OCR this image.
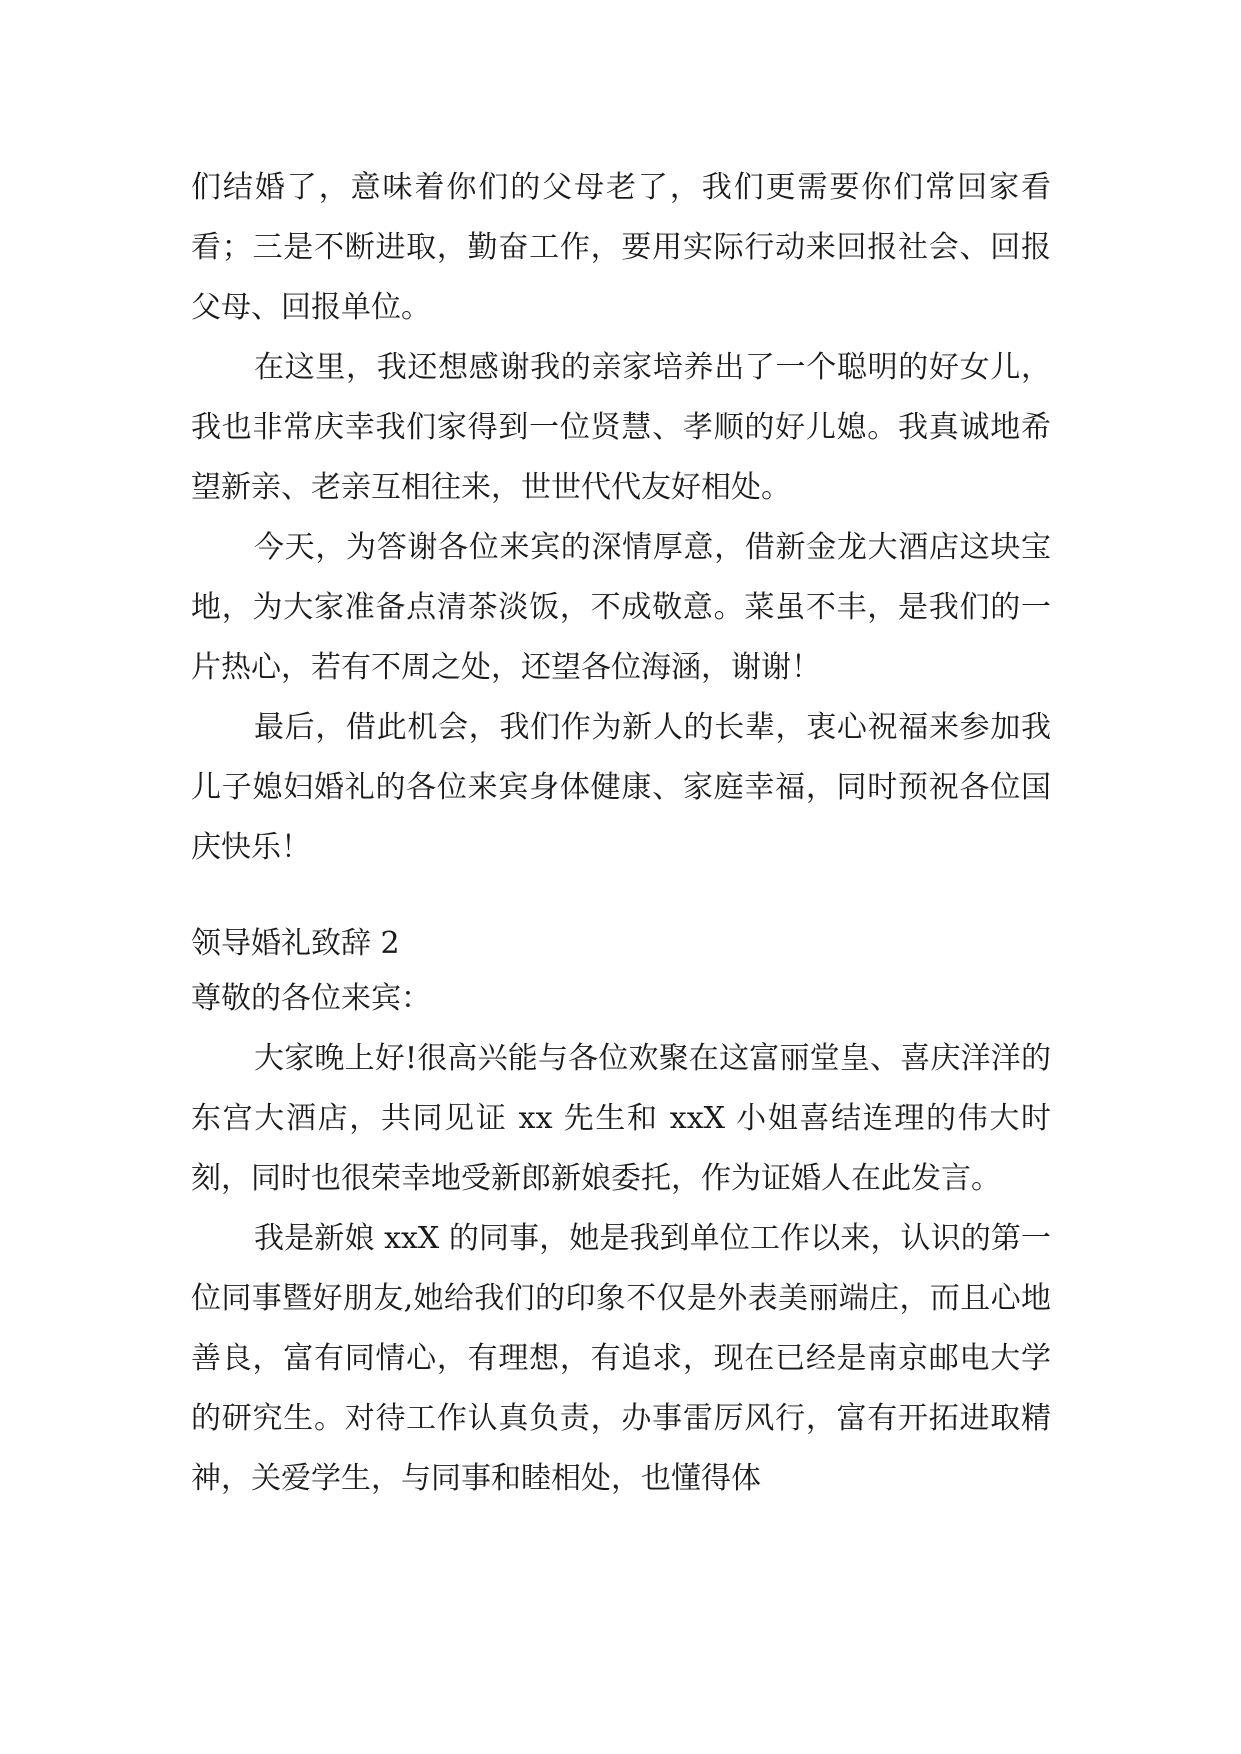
们结婚了，意味着你们的父母老了，我们更需要你们常回家看看；三是不断进取，勤奋工作，要用实际行动来回报社会、回报父母、回报单位。

在这里，我还想感谢我的亲家培养出了一个聪明的好女儿，我也非常庆幸我们家得到一位贤慧、孝顺的好儿媳。我真诚地希望新亲、老亲互相往来，世世代代友好相处。

今天，为答谢各位来宾的深情厚意，借新金龙大酒店这块宝地，为大家准备点清茶淡饭，不成敬意。菜虽不丰，是我们的一片热心，若有不周之处，还望各位海涵，谢谢！

最后，借此机会，我们作为新人的长辈，衷心祝福来参加我儿子媳妇婚礼的各位来宾身体健康、家庭幸福，同时预祝各位国庆快乐！

领导婚礼致辞 2

尊敬的各位来宾：

大家晚上好!很高兴能与各位欢聚在这富丽堂皇、喜庆洋洋的东宫大酒店，共同见证 xx 先生和 xxX 小姐喜结连理的伟大时刻，同时也很荣幸地受新郎新娘委托，作为证婚人在此发言。

我是新娘 xxX 的同事，她是我到单位工作以来，认识的第一位同事暨好朋友,她给我们的印象不仅是外表美丽端庄，而且心地善良，富有同情心，有理想，有追求，现在已经是南京邮电大学的研究生。对待工作认真负责，办事雷厉风行，富有开拓进取精神，关爱学生，与同事和睦相处，也懂得体
